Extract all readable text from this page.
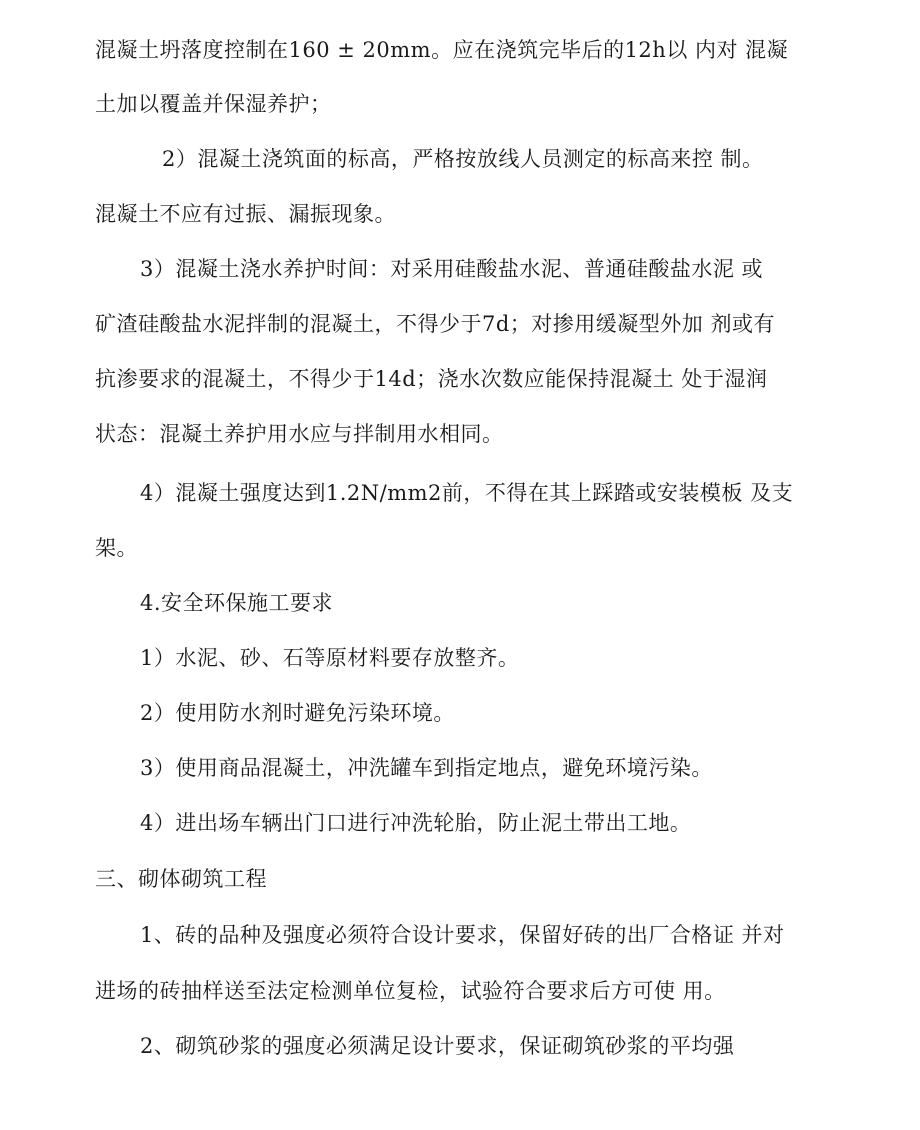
混凝土坍落度控制在160 ± 20mm。应在浇筑完毕后的12h以 内对 混凝
土加以覆盖并保湿养护；
2）混凝土浇筑面的标高，严格按放线人员测定的标高来控 制。
混凝土不应有过振、漏振现象。
3）混凝土浇水养护时间：对采用硅酸盐水泥、普通硅酸盐水泥 或
矿渣硅酸盐水泥拌制的混凝土，不得少于7d；对掺用缓凝型外加 剂或有
抗渗要求的混凝土，不得少于14d；浇水次数应能保持混凝土 处于湿润
状态：混凝土养护用水应与拌制用水相同。
4）混凝土强度达到1.2N/mm2前，不得在其上踩踏或安装模板 及支
架。
4.安全环保施工要求
1）水泥、砂、石等原材料要存放整齐。
2）使用防水剂时避免污染环境。
3）使用商品混凝土，冲洗罐车到指定地点，避免环境污染。
4）进出场车辆出门口进行冲洗轮胎，防止泥土带出工地。
三、砌体砌筑工程
1、砖的品种及强度必须符合设计要求，保留好砖的出厂合格证 并对
进场的砖抽样送至法定检测单位复检，试验符合要求后方可使 用。
2、砌筑砂浆的强度必须满足设计要求，保证砌筑砂浆的平均强
